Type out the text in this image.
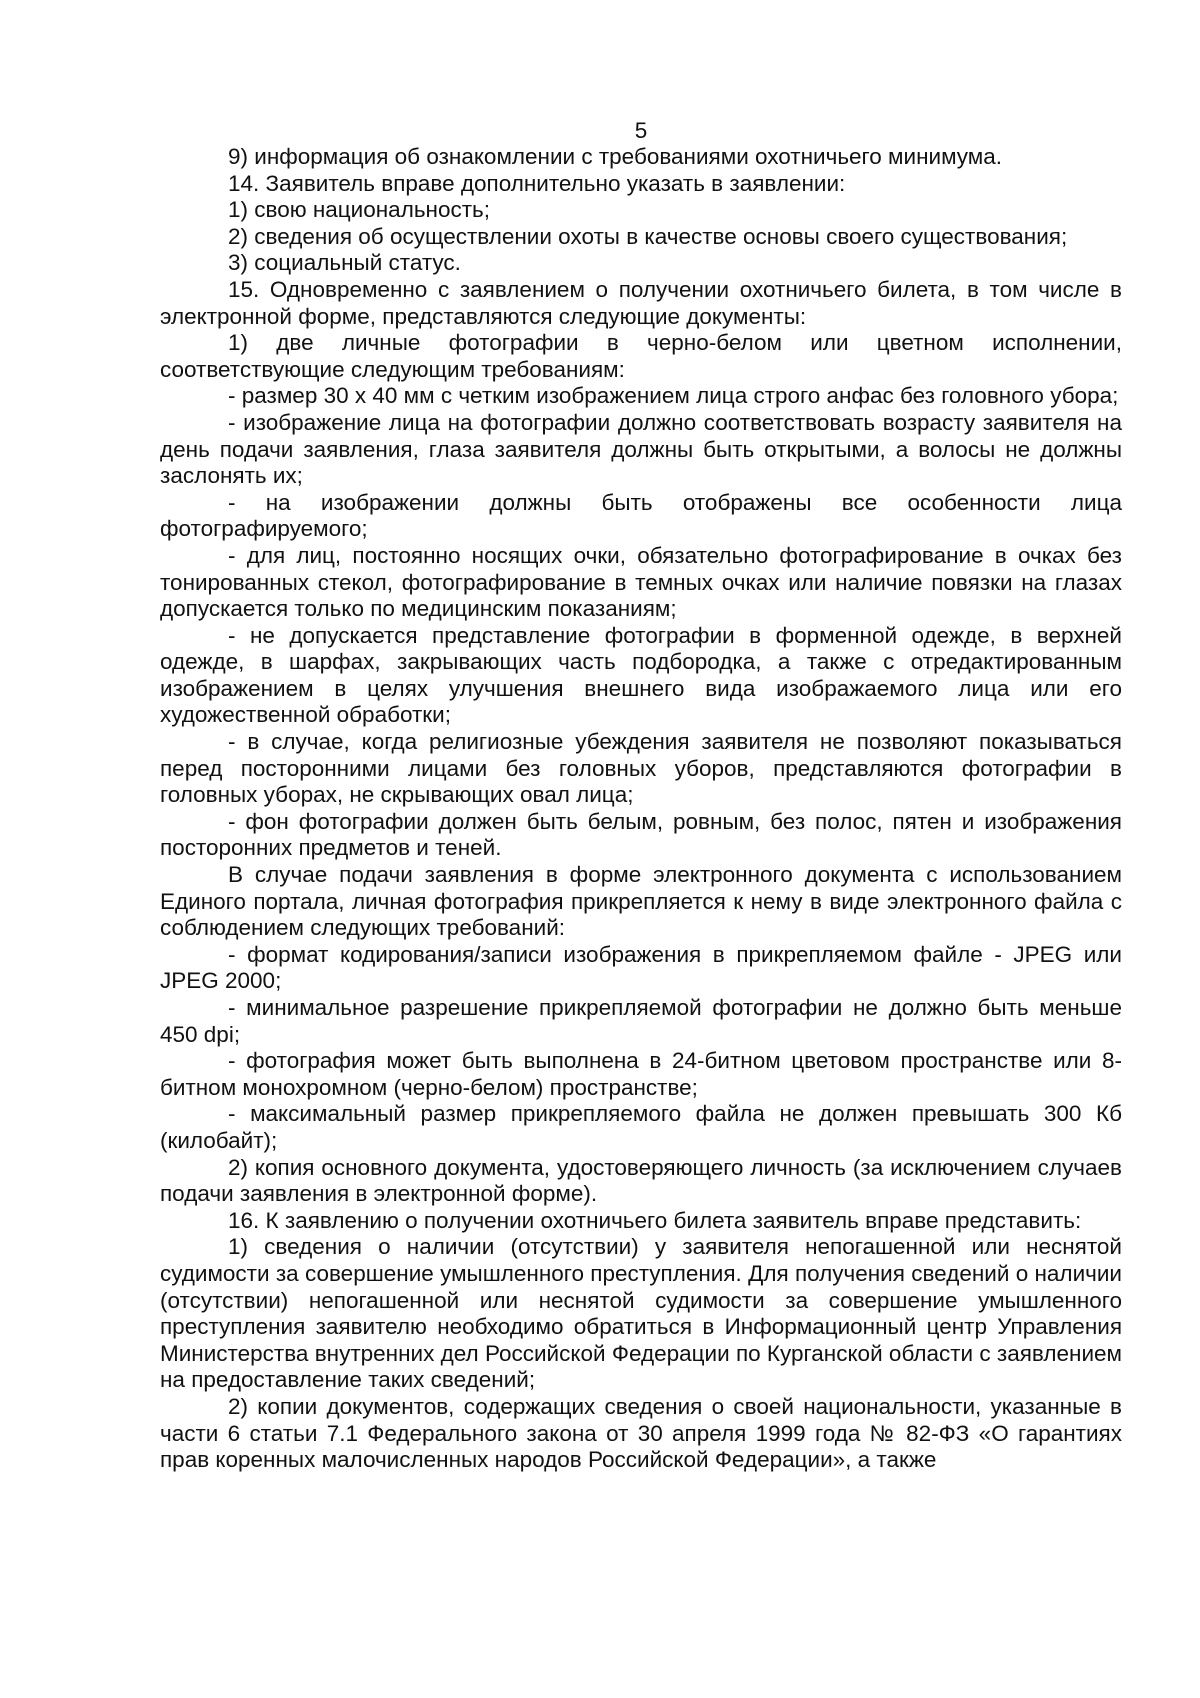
5

9) информация об ознакомлении с требованиями охотничьего минимума.

14. Заявитель вправе дополнительно указать в заявлении:

1) свою национальность;

2) сведения об осуществлении охоты в качестве основы своего существования;

3) социальный статус.

15. Одновременно с заявлением о получении охотничьего билета, в том числе в электронной форме, представляются следующие документы:

1) две личные фотографии в черно-белом или цветном исполнении, соответствующие следующим требованиям:

- размер 30 х 40 мм с четким изображением лица строго анфас без головного убора;

- изображение лица на фотографии должно соответствовать возрасту заявителя на день подачи заявления, глаза заявителя должны быть открытыми, а волосы не должны заслонять их;

- на изображении должны быть отображены все особенности лица фотографируемого;

- для лиц, постоянно носящих очки, обязательно фотографирование в очках без тонированных стекол, фотографирование в темных очках или наличие повязки на глазах допускается только по медицинским показаниям;

- не допускается представление фотографии в форменной одежде, в верхней одежде, в шарфах, закрывающих часть подбородка, а также с отредактированным изображением в целях улучшения внешнего вида изображаемого лица или его художественной обработки;

- в случае, когда религиозные убеждения заявителя не позволяют показываться перед посторонними лицами без головных уборов, представляются фотографии в головных уборах, не скрывающих овал лица;

- фон фотографии должен быть белым, ровным, без полос, пятен и изображения посторонних предметов и теней.

В случае подачи заявления в форме электронного документа с использованием Единого портала, личная фотография прикрепляется к нему в виде электронного файла с соблюдением следующих требований:

- формат кодирования/записи изображения в прикрепляемом файле - JPEG или JPEG 2000;

- минимальное разрешение прикрепляемой фотографии не должно быть меньше 450 dpi;

- фотография может быть выполнена в 24-битном цветовом пространстве или 8-битном монохромном (черно-белом) пространстве;

- максимальный размер прикрепляемого файла не должен превышать 300 Кб (килобайт);

2) копия основного документа, удостоверяющего личность (за исключением случаев подачи заявления в электронной форме).

16. К заявлению о получении охотничьего билета заявитель вправе представить:

1) сведения о наличии (отсутствии) у заявителя непогашенной или неснятой судимости за совершение умышленного преступления. Для получения сведений о наличии (отсутствии) непогашенной или неснятой судимости за совершение умышленного преступления заявителю необходимо обратиться в Информационный центр Управления Министерства внутренних дел Российской Федерации по Курганской области с заявлением на предоставление таких сведений;

2) копии документов, содержащих сведения о своей национальности, указанные в части 6 статьи 7.1 Федерального закона от 30 апреля 1999 года № 82-ФЗ «О гарантиях прав коренных малочисленных народов Российской Федерации», а также
